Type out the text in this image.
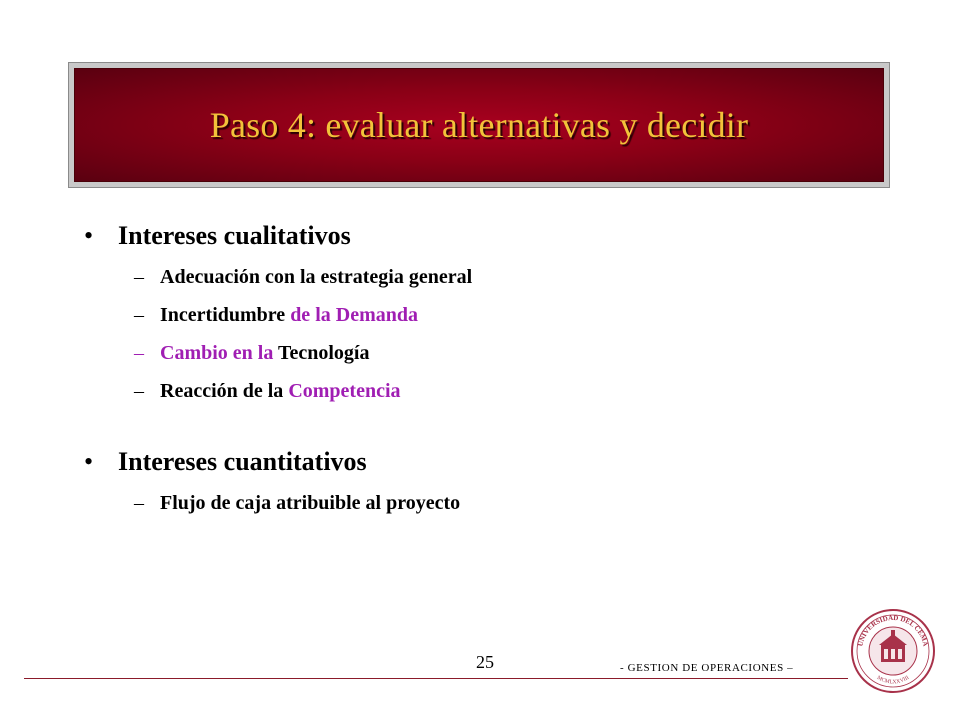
Paso 4: evaluar alternativas y decidir
• Intereses cualitativos
– Adecuación con la estrategia general
– Incertidumbre de la Demanda
– Cambio en la Tecnología
– Reacción de la Competencia
• Intereses cuantitativos
– Flujo de caja atribuible al proyecto
25	- GESTION DE OPERACIONES –
UNIVERSIDAD DEL CEMA
MCMLXXVIII
